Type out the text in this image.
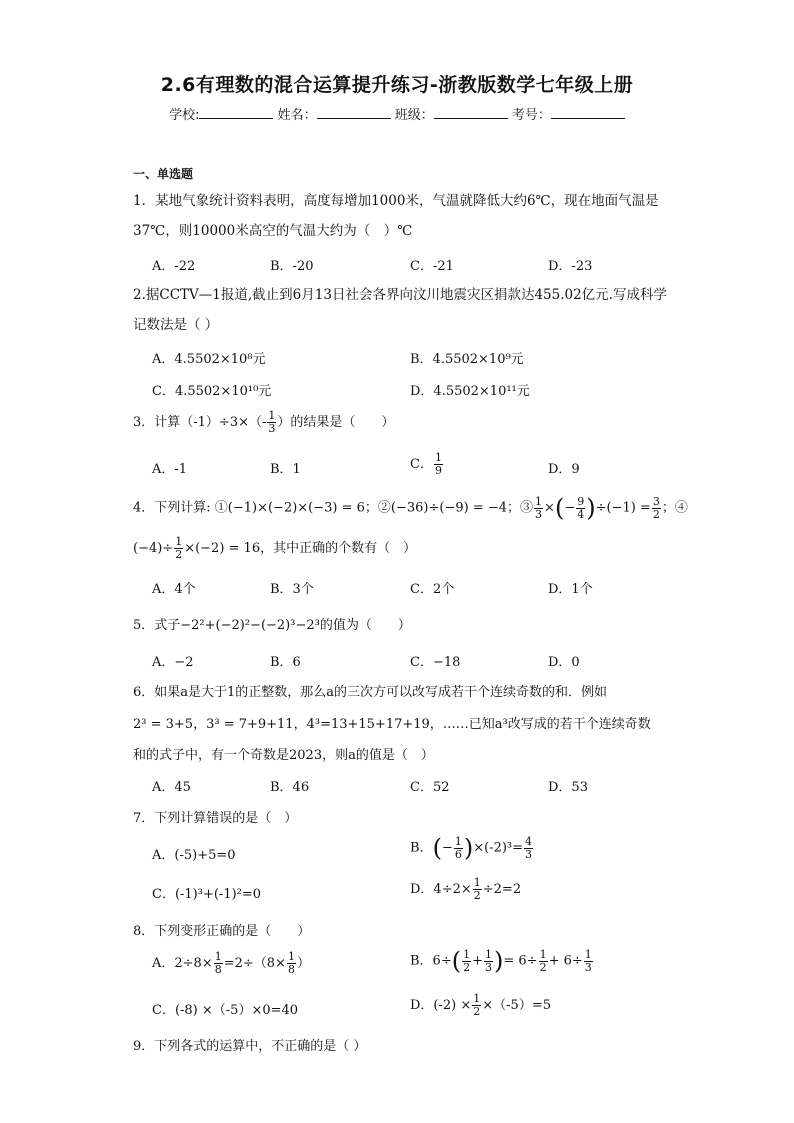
2.6有理数的混合运算提升练习-浙教版数学七年级上册
学校:	姓名：	班级：	考号：
一、单选题
1．某地气象统计资料表明，高度每增加1000米，气温就降低大约6℃，现在地面气温是37℃，则10000米高空的气温大约为（　）℃
A．-22	B．-20	C．-21	D．-23
2.据CCTV—1报道,截止到6月13日社会各界向汶川地震灾区捐款达455.02亿元.写成科学记数法是（ ）
A．4.5502×10⁸元	B．4.5502×10⁹元
C．4.5502×10¹⁰元	D．4.5502×10¹¹元
3．计算$(-1)\div 3\times(- \frac{1}{3}$ ）的结果是（　　）
A．-1	B．1	C． $\frac{1}{9}$	D．9
4．下列计算: ①(−1)×(−2)×(−3) = 6；②(−36)÷(−9) = −4；③ $\frac{1}{3}$ ×(− $\frac{9}{4} )\div(-1) = \frac{3}{2}$ ；④
$(-4)\div \frac{1}{2} \times(-2) = 16$，其中正确的个数有（　）
A．4个	B．3个	C．2个	D．1个
5．式子−2²+(−2)²−(−2)³−2³的值为（　　）
A．−2	B．6	C．−18	D．0
6．如果a是大于1的正整数，那么a的三次方可以改写成若干个连续奇数的和．例如
2³ = 3+5，3³ = 7+9+11，4³=13+15+17+19，……已知a³改写成的若干个连续奇数
和的式子中，有一个奇数是2023，则a的值是（　）
A．45	B．46	C．52	D．53
7．下列计算错误的是（　）
A．(-5)+5=0	B．(− $\frac{1}{6} )\times(-2)^3= \frac{4}{3}$
C．(-1)³+(-1)²=0	D．$4\div 2\times \frac{1}{2} \div 2=2$
8．下列变形正确的是（　　）
A．$2\div 8\times \frac{1}{8} =2\div(8\times \frac{1}{8}$ ）	B．$6\div( \frac{1}{2} + \frac{1}{3}$ )= $6\div \frac{1}{2} + 6\div \frac{1}{3}$
C．(-8) ×（-5）×0=40	D．$(-2) \times \frac{1}{2} \times(-5)=5$
9．下列各式的运算中，不正确的是（ ）
